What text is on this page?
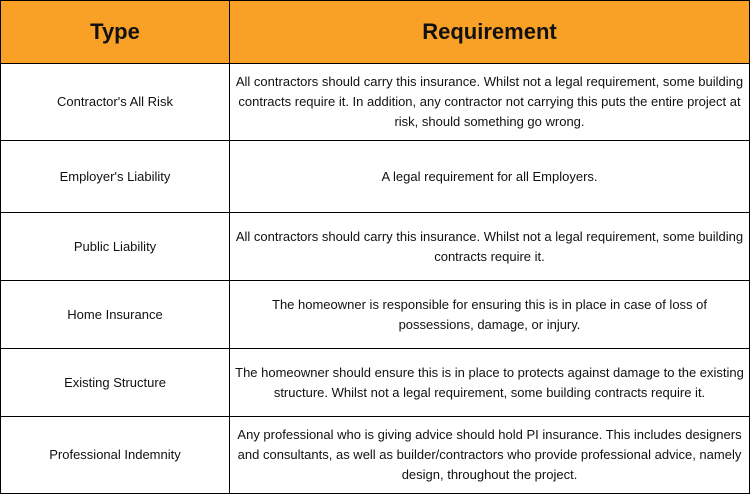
Type	Requirement
Contractor's All Risk	All contractors should carry this insurance. Whilst not a legal requirement, some building contracts require it. In addition, any contractor not carrying this puts the entire project at risk, should something go wrong.
Employer's Liability	A legal requirement for all Employers.
Public Liability	All contractors should carry this insurance. Whilst not a legal requirement, some building contracts require it.
Home Insurance	The homeowner is responsible for ensuring this is in place in case of loss of possessions, damage, or injury.
Existing Structure	The homeowner should ensure this is in place to protects against damage to the existing structure. Whilst not a legal requirement, some building contracts require it.
Professional Indemnity	Any professional who is giving advice should hold PI insurance. This includes designers and consultants, as well as builder/contractors who provide professional advice, namely design, throughout the project.
